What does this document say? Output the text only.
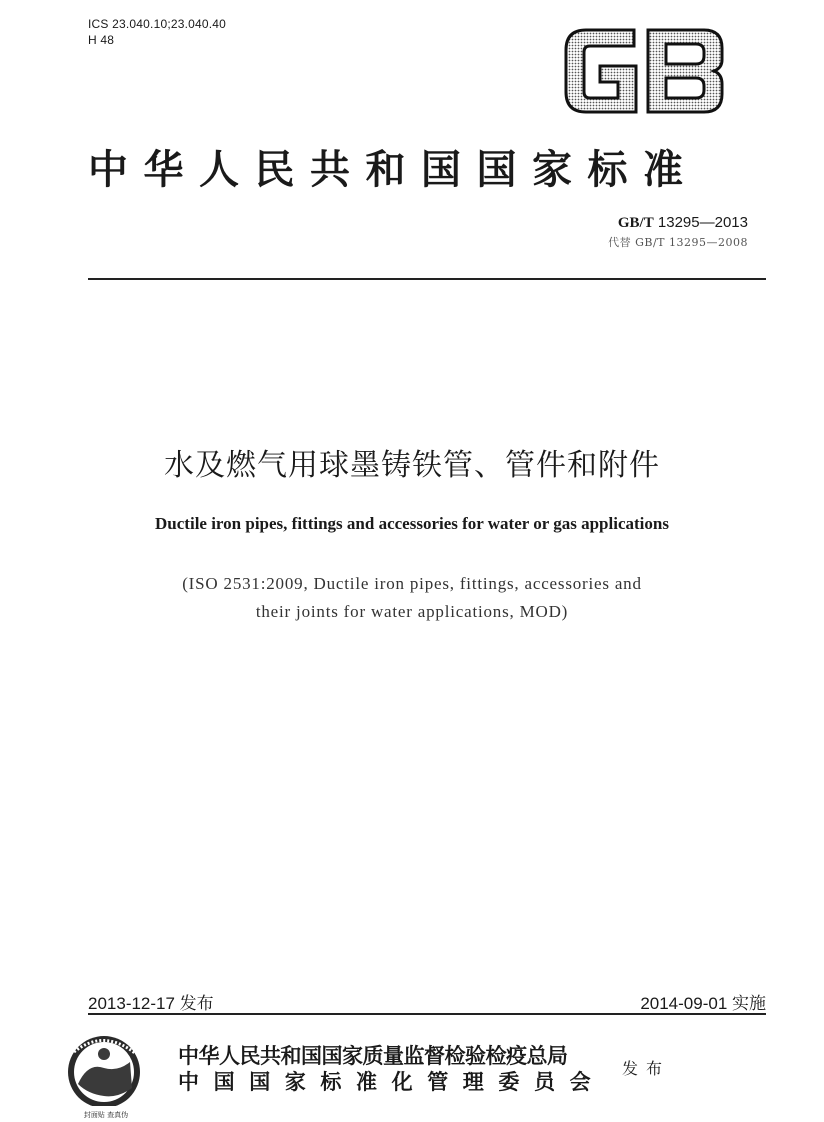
ICS 23.040.10;23.040.40
H 48
GB
中华人民共和国国家标准
GB/T 13295—2013
代替 GB/T 13295—2008
水及燃气用球墨铸铁管、管件和附件
Ductile iron pipes, fittings and accessories for water or gas applications
(ISO 2531:2009, Ductile iron pipes, fittings, accessories and
their joints for water applications, MOD)
2013-12-17 发布	2014-09-01 实施
封面贴 查真伪
中华人民共和国国家质量监督检验检疫总局
中国国家标准化管理委员会
发布
